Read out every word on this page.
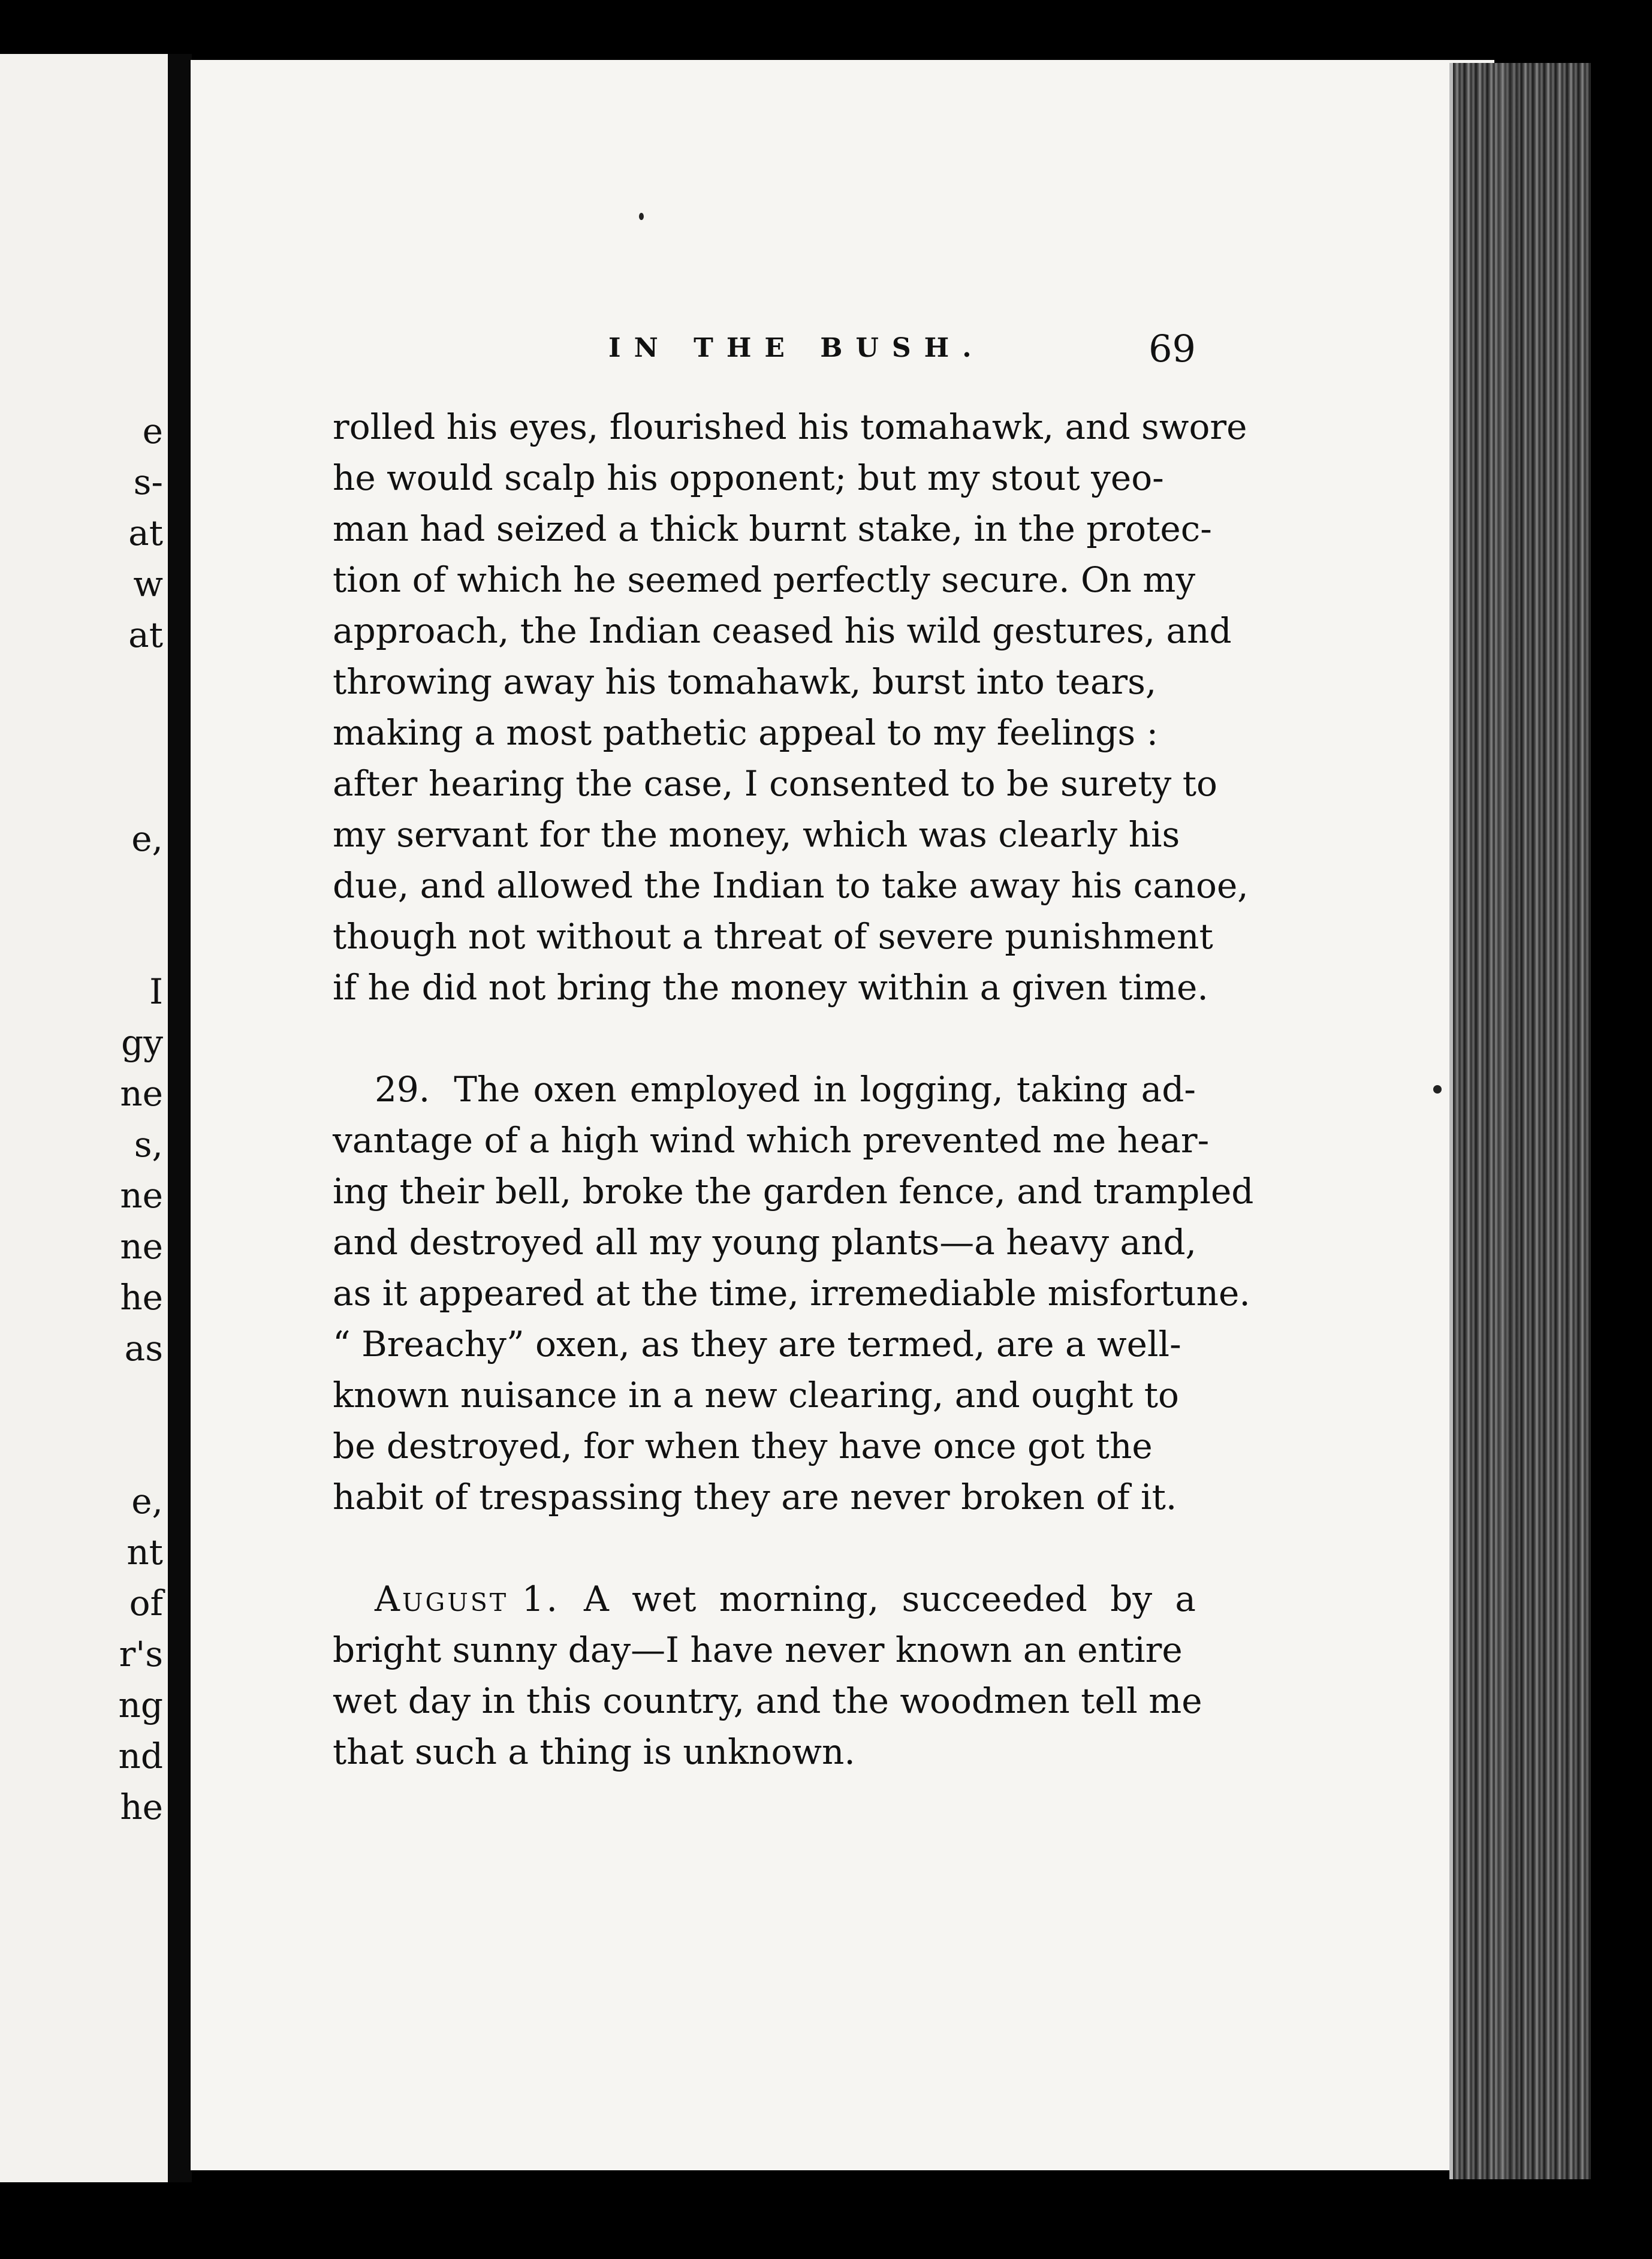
e
s-
at
w
at
e,
I
gy
ne
s,
ne
ne
he
as
e,
nt
of
r's
ng
nd
he
IN THE BUSH.	69
rolled his eyes, flourished his tomahawk, and swore
he would scalp his opponent; but my stout yeo-
man had seized a thick burnt stake, in the protec-
tion of which he seemed perfectly secure. On my
approach, the Indian ceased his wild gestures, and
throwing away his tomahawk, burst into tears,
making a most pathetic appeal to my feelings :
after hearing the case, I consented to be surety to
my servant for the money, which was clearly his
due, and allowed the Indian to take away his canoe,
though not without a threat of severe punishment
if he did not bring the money within a given time.
29. The oxen employed in logging, taking ad-
vantage of a high wind which prevented me hear-
ing their bell, broke the garden fence, and trampled
and destroyed all my young plants—a heavy and,
as it appeared at the time, irremediable misfortune.
“ Breachy” oxen, as they are termed, are a well-
known nuisance in a new clearing, and ought to
be destroyed, for when they have once got the
habit of trespassing they are never broken of it.
August 1. A wet morning, succeeded by a
bright sunny day—I have never known an entire
wet day in this country, and the woodmen tell me
that such a thing is unknown.
